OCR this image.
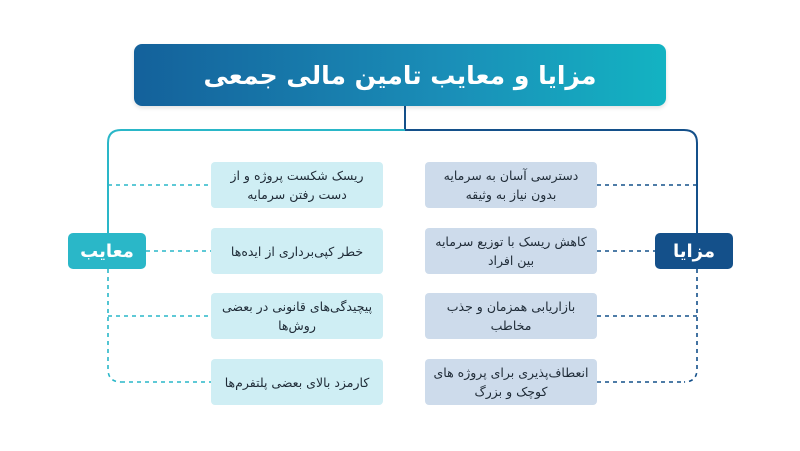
مزایا و معایب تامین مالی جمعی
مزایا
معایب
دسترسی آسان به سرمایه بدون نیاز به وثیقه
کاهش ریسک با توزیع سرمایه بین افراد
بازاریابی همزمان و جذب مخاطب
انعطاف‌پذیری برای پروژه های کوچک و بزرگ
ریسک شکست پروژه و از دست رفتن سرمایه
خطر کپی‌برداری از ایده‌ها
پیچیدگی‌های قانونی در بعضی روش‌ها
کارمزد بالای بعضی پلتفرم‌ها
